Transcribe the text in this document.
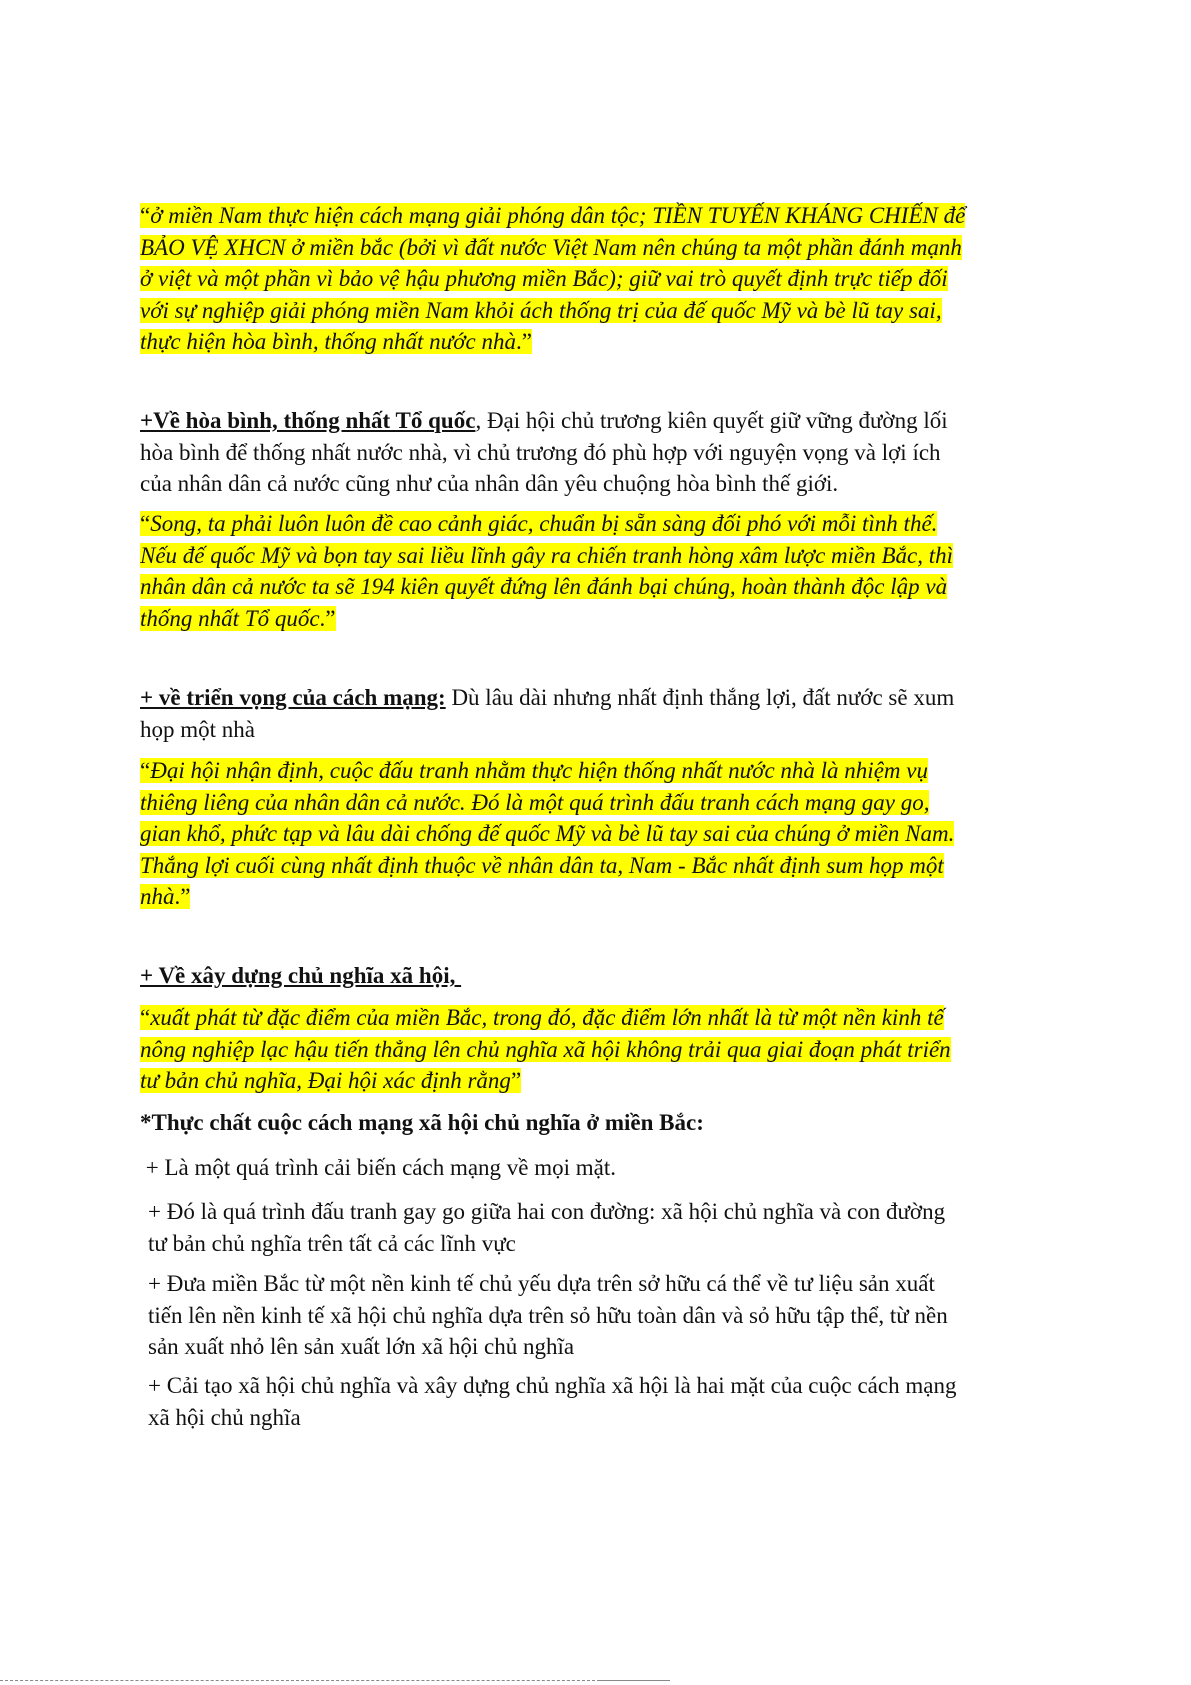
“ở miền Nam thực hiện cách mạng giải phóng dân tộc; TIỀN TUYẾN KHÁNG CHIẾN để
BẢO VỆ XHCN ở miền bắc (bởi vì đất nước Việt Nam nên chúng ta một phần đánh mạnh
ở việt và một phần vì bảo vệ hậu phương miền Bắc); giữ vai trò quyết định trực tiếp đối
với sự nghiệp giải phóng miền Nam khỏi ách thống trị của đế quốc Mỹ và bè lũ tay sai,
thực hiện hòa bình, thống nhất nước nhà.”
+Về hòa bình, thống nhất Tổ quốc, Đại hội chủ trương kiên quyết giữ vững đường lối
hòa bình để thống nhất nước nhà, vì chủ trương đó phù hợp với nguyện vọng và lợi ích
của nhân dân cả nước cũng như của nhân dân yêu chuộng hòa bình thế giới.
“Song, ta phải luôn luôn đề cao cảnh giác, chuẩn bị sẵn sàng đối phó với mỗi tình thế.
Nếu đế quốc Mỹ và bọn tay sai liều lĩnh gây ra chiến tranh hòng xâm lược miền Bắc, thì
nhân dân cả nước ta sẽ 194 kiên quyết đứng lên đánh bại chúng, hoàn thành độc lập và
thống nhất Tổ quốc.”
+ về triển vọng của cách mạng: Dù lâu dài nhưng nhất định thắng lợi, đất nước sẽ xum
họp một nhà
“Đại hội nhận định, cuộc đấu tranh nhằm thực hiện thống nhất nước nhà là nhiệm vụ
thiêng liêng của nhân dân cả nước. Đó là một quá trình đấu tranh cách mạng gay go,
gian khổ, phức tạp và lâu dài chống đế quốc Mỹ và bè lũ tay sai của chúng ở miền Nam.
Thắng lợi cuối cùng nhất định thuộc về nhân dân ta, Nam - Bắc nhất định sum họp một
nhà.”
+ Về xây dựng chủ nghĩa xã hội,
“xuất phát từ đặc điểm của miền Bắc, trong đó, đặc điểm lớn nhất là từ một nền kinh tế
nông nghiệp lạc hậu tiến thẳng lên chủ nghĩa xã hội không trải qua giai đoạn phát triển
tư bản chủ nghĩa, Đại hội xác định rằng”
*Thực chất cuộc cách mạng xã hội chủ nghĩa ở miền Bắc:
+ Là một quá trình cải biến cách mạng về mọi mặt.
+ Đó là quá trình đấu tranh gay go giữa hai con đường: xã hội chủ nghĩa và con đường
tư bản chủ nghĩa trên tất cả các lĩnh vực
+ Đưa miền Bắc từ một nền kinh tế chủ yếu dựa trên sở hữu cá thể về tư liệu sản xuất
tiến lên nền kinh tế xã hội chủ nghĩa dựa trên sỏ hữu toàn dân và sỏ hữu tập thể, từ nền
sản xuất nhỏ lên sản xuất lớn xã hội chủ nghĩa
+ Cải tạo xã hội chủ nghĩa và xây dựng chủ nghĩa xã hội là hai mặt của cuộc cách mạng
xã hội chủ nghĩa
